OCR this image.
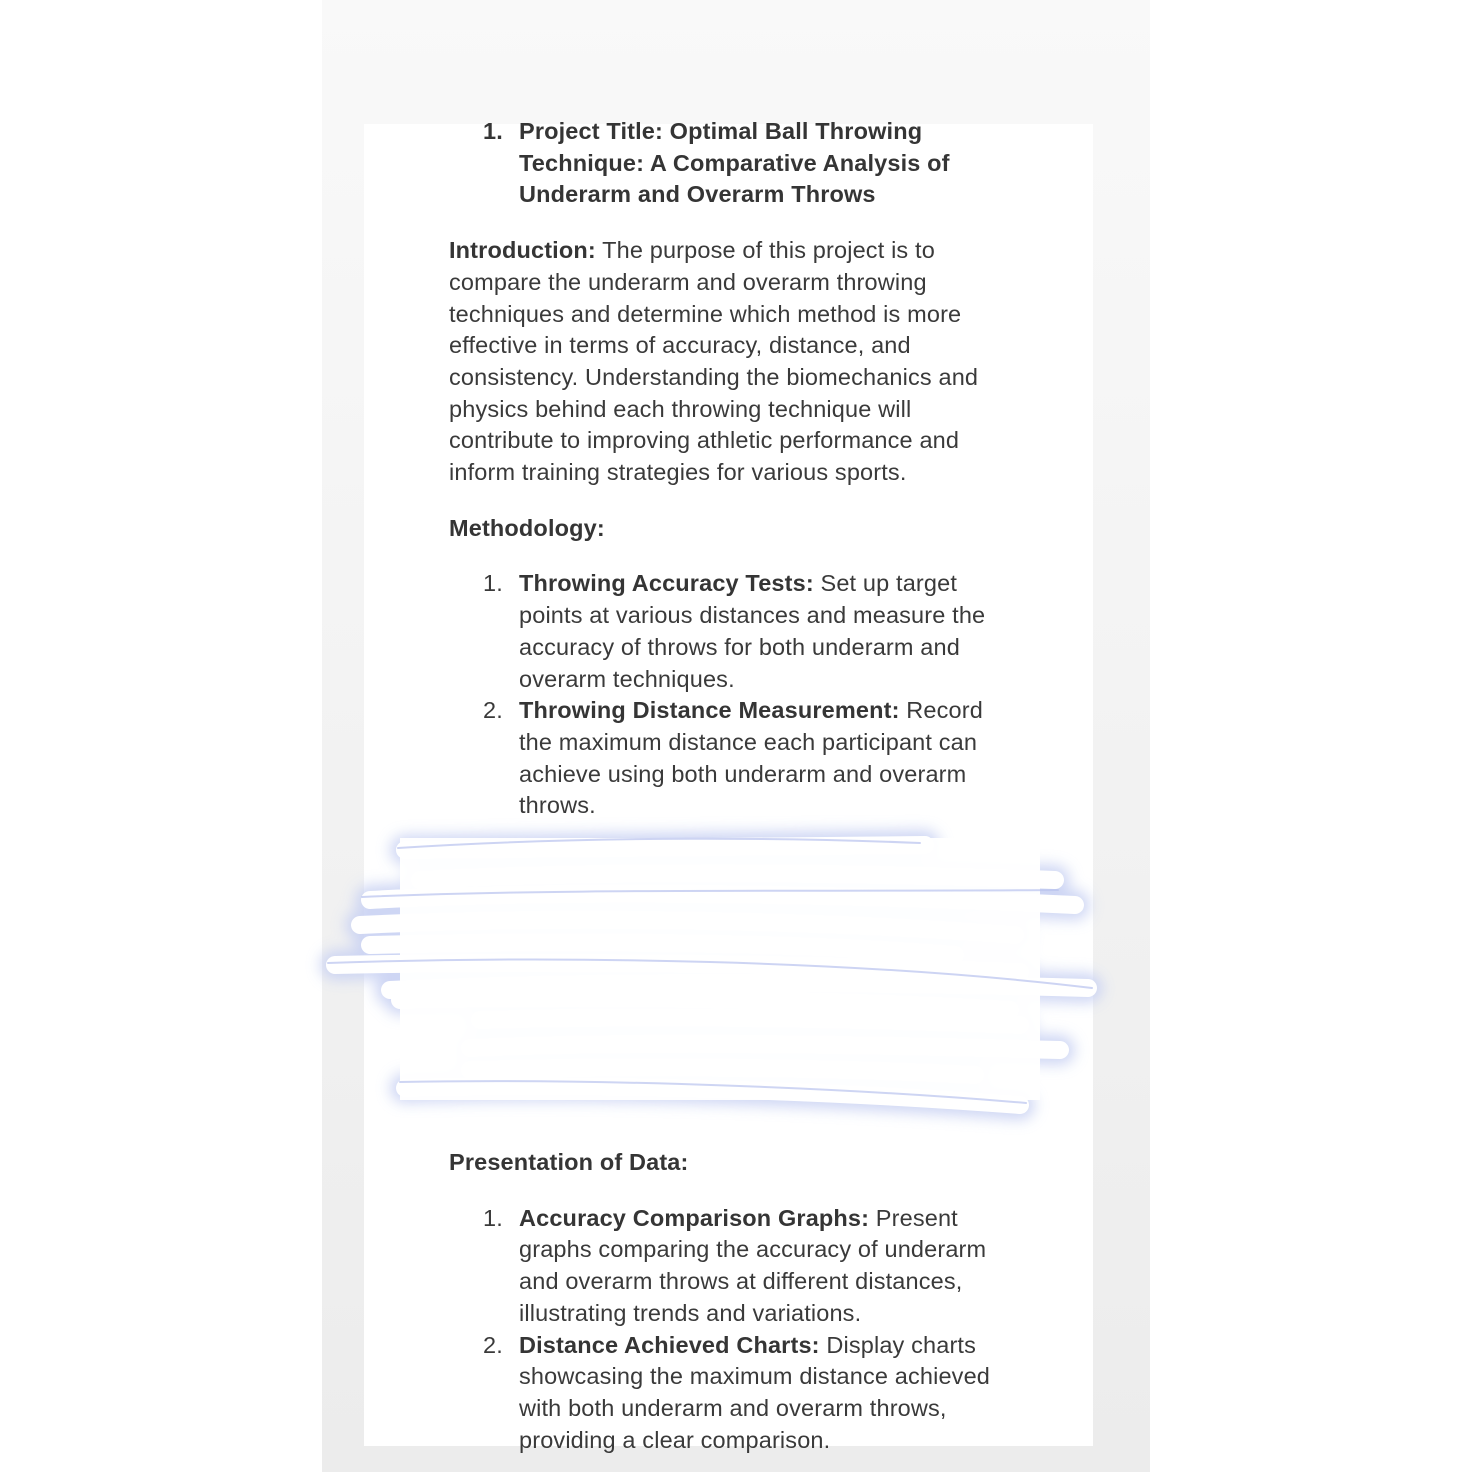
1. Project Title: Optimal Ball Throwing Technique: A Comparative Analysis of Underarm and Overarm Throws

Introduction: The purpose of this project is to compare the underarm and overarm throwing techniques and determine which method is more effective in terms of accuracy, distance, and consistency. Understanding the biomechanics and physics behind each throwing technique will contribute to improving athletic performance and inform training strategies for various sports.

Methodology:

1. Throwing Accuracy Tests: Set up target points at various distances and measure the accuracy of throws for both underarm and overarm techniques.
2. Throwing Distance Measurement: Record the maximum distance each participant can achieve using both underarm and overarm throws.

Presentation of Data:

1. Accuracy Comparison Graphs: Present graphs comparing the accuracy of underarm and overarm throws at different distances, illustrating trends and variations.
2. Distance Achieved Charts: Display charts showcasing the maximum distance achieved with both underarm and overarm throws, providing a clear comparison.
